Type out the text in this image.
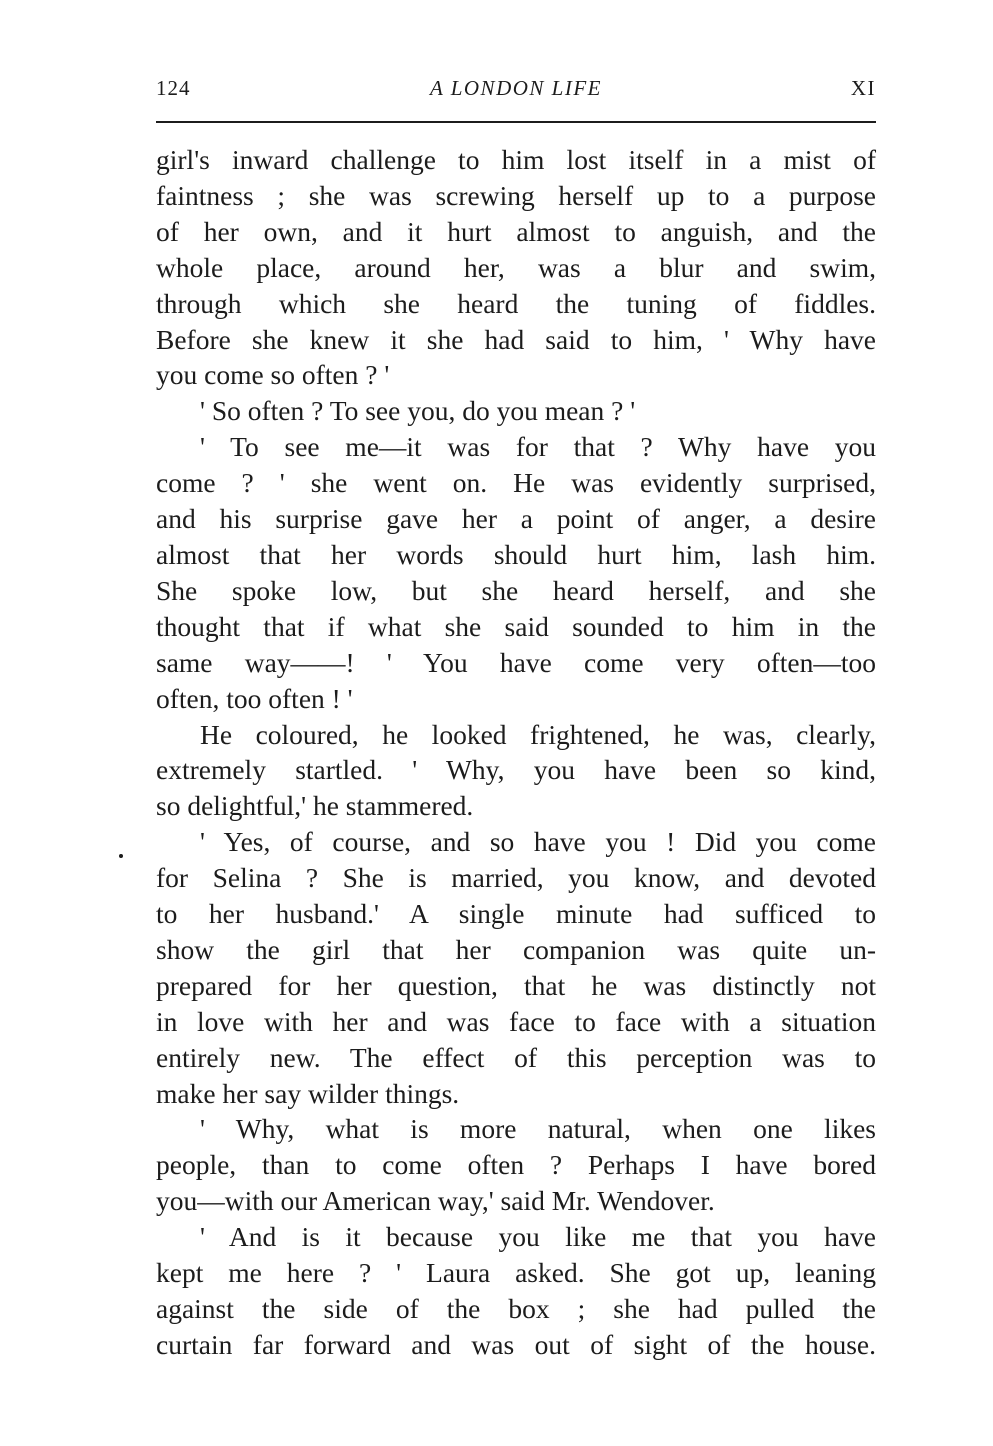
124	A LONDON LIFE	XI
girl's inward challenge to him lost itself in a mist of
faintness ; she was screwing herself up to a purpose
of her own, and it hurt almost to anguish, and the
whole place, around her, was a blur and swim,
through which she heard the tuning of fiddles.
Before she knew it she had said to him, ' Why have
you come so often ? '
' So often ? To see you, do you mean ? '
' To see me—it was for that ? Why have you
come ? ' she went on. He was evidently surprised,
and his surprise gave her a point of anger, a desire
almost that her words should hurt him, lash him.
She spoke low, but she heard herself, and she
thought that if what she said sounded to him in the
same way——! ' You have come very often—too
often, too often ! '
He coloured, he looked frightened, he was, clearly,
extremely startled. ' Why, you have been so kind,
so delightful,' he stammered.
' Yes, of course, and so have you ! Did you come
for Selina ? She is married, you know, and devoted
to her husband.' A single minute had sufficed to
show the girl that her companion was quite un-
prepared for her question, that he was distinctly not
in love with her and was face to face with a situation
entirely new. The effect of this perception was to
make her say wilder things.
' Why, what is more natural, when one likes
people, than to come often ? Perhaps I have bored
you—with our American way,' said Mr. Wendover.
' And is it because you like me that you have
kept me here ? ' Laura asked. She got up, leaning
against the side of the box ; she had pulled the
curtain far forward and was out of sight of the house.
